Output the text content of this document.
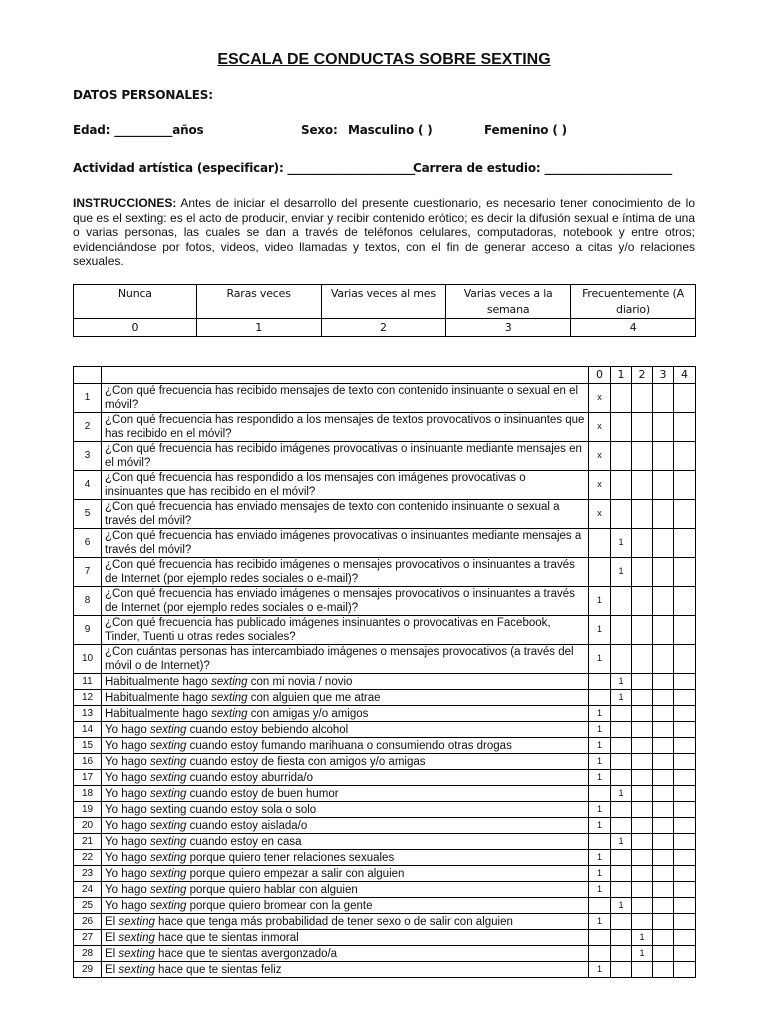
ESCALA DE CONDUCTAS SOBRE SEXTING
DATOS PERSONALES:
Edad: __________años	Sexo: Masculino ( )	Femenino ( )
Actividad artística (especificar): ______________________
Carrera de estudio: ______________________
INSTRUCCIONES: Antes de iniciar el desarrollo del presente cuestionario, es necesario tener conocimiento de lo que es el sexting: es el acto de producir, enviar y recibir contenido erótico; es decir la difusión sexual e íntima de una o varias personas, las cuales se dan a través de teléfonos celulares, computadoras, notebook y entre otros; evidenciándose por fotos, videos, video llamadas y textos, con el fin de generar acceso a citas y/o relaciones sexuales.
Nunca	Raras veces	Varias veces al mes	Varias veces a la semana	Frecuentemente (A diario)
0	1	2	3	4
		0	1	2	3	4
1	¿Con qué frecuencia has recibido mensajes de texto con contenido insinuante o sexual en el móvil?	x				
2	¿Con qué frecuencia has respondido a los mensajes de textos provocativos o insinuantes que has recibido en el móvil?	x				
3	¿Con qué frecuencia has recibido imágenes provocativas o insinuante mediante mensajes en el móvil?	x				
4	¿Con qué frecuencia has respondido a los mensajes con imágenes provocativas o insinuantes que has recibido en el móvil?	x				
5	¿Con qué frecuencia has enviado mensajes de texto con contenido insinuante o sexual a través del móvil?	x				
6	¿Con qué frecuencia has enviado imágenes provocativas o insinuantes mediante mensajes a través del móvil?		1			
7	¿Con qué frecuencia has recibido imágenes o mensajes provocativos o insinuantes a través de Internet (por ejemplo redes sociales o e-mail)?		1			
8	¿Con qué frecuencia has enviado imágenes o mensajes provocativos o insinuantes a través de Internet (por ejemplo redes sociales o e-mail)?	1				
9	¿Con qué frecuencia has publicado imágenes insinuantes o provocativas en Facebook, Tinder, Tuenti u otras redes sociales?	1				
10	¿Con cuántas personas has intercambiado imágenes o mensajes provocativos (a través del móvil o de Internet)?	1				
11	Habitualmente hago sexting con mi novia / novio		1			
12	Habitualmente hago sexting con alguien que me atrae		1			
13	Habitualmente hago sexting con amigas y/o amigos	1				
14	Yo hago sexting cuando estoy bebiendo alcohol	1				
15	Yo hago sexting cuando estoy fumando marihuana o consumiendo otras drogas	1				
16	Yo hago sexting cuando estoy de fiesta con amigos y/o amigas	1				
17	Yo hago sexting cuando estoy aburrida/o	1				
18	Yo hago sexting cuando estoy de buen humor		1			
19	Yo hago sexting cuando estoy sola o solo	1				
20	Yo hago sexting cuando estoy aislada/o	1				
21	Yo hago sexting cuando estoy en casa		1			
22	Yo hago sexting porque quiero tener relaciones sexuales	1				
23	Yo hago sexting porque quiero empezar a salir con alguien	1				
24	Yo hago sexting porque quiero hablar con alguien	1				
25	Yo hago sexting porque quiero bromear con la gente		1			
26	El sexting hace que tenga más probabilidad de tener sexo o de salir con alguien	1				
27	El sexting hace que te sientas inmoral			1		
28	El sexting hace que te sientas avergonzado/a			1		
29	El sexting hace que te sientas feliz	1				
